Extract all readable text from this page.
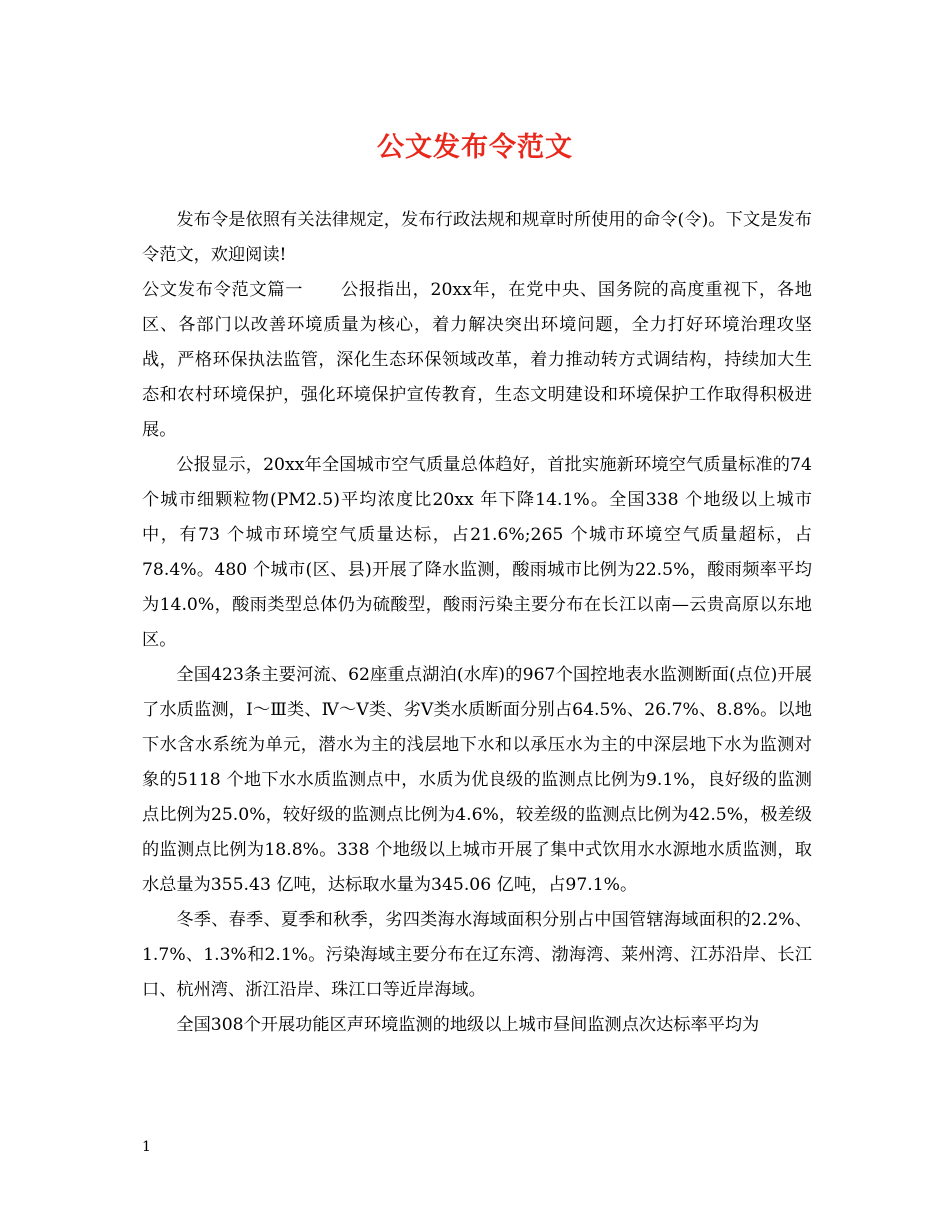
公文发布令范文

发布令是依照有关法律规定，发布行政法规和规章时所使用的命令(令)。下文是发布令范文，欢迎阅读!

公文发布令范文篇一 公报指出，20xx年，在党中央、国务院的高度重视下，各地区、各部门以改善环境质量为核心，着力解决突出环境问题，全力打好环境治理攻坚战，严格环保执法监管，深化生态环保领域改革，着力推动转方式调结构，持续加大生态和农村环境保护，强化环境保护宣传教育，生态文明建设和环境保护工作取得积极进展。

公报显示，20xx年全国城市空气质量总体趋好，首批实施新环境空气质量标准的74 个城市细颗粒物(PM2.5)平均浓度比20xx 年下降14.1%。全国338 个地级以上城市中，有73 个城市环境空气质量达标，占21.6%;265 个城市环境空气质量超标，占78.4%。480 个城市(区、县)开展了降水监测，酸雨城市比例为22.5%，酸雨频率平均为14.0%，酸雨类型总体仍为硫酸型，酸雨污染主要分布在长江以南—云贵高原以东地区。

全国423条主要河流、62座重点湖泊(水库)的967个国控地表水监测断面(点位)开展了水质监测，Ⅰ～Ⅲ类、Ⅳ～Ⅴ类、劣Ⅴ类水质断面分别占64.5%、26.7%、8.8%。以地下水含水系统为单元，潜水为主的浅层地下水和以承压水为主的中深层地下水为监测对象的5118 个地下水水质监测点中，水质为优良级的监测点比例为9.1%，良好级的监测点比例为25.0%，较好级的监测点比例为4.6%，较差级的监测点比例为42.5%，极差级的监测点比例为18.8%。338 个地级以上城市开展了集中式饮用水水源地水质监测，取水总量为355.43 亿吨，达标取水量为345.06 亿吨，占97.1%。

冬季、春季、夏季和秋季，劣四类海水海域面积分别占中国管辖海域面积的2.2%、1.7%、1.3%和2.1%。污染海域主要分布在辽东湾、渤海湾、莱州湾、江苏沿岸、长江口、杭州湾、浙江沿岸、珠江口等近岸海域。

全国308个开展功能区声环境监测的地级以上城市昼间监测点次达标率平均为

1
